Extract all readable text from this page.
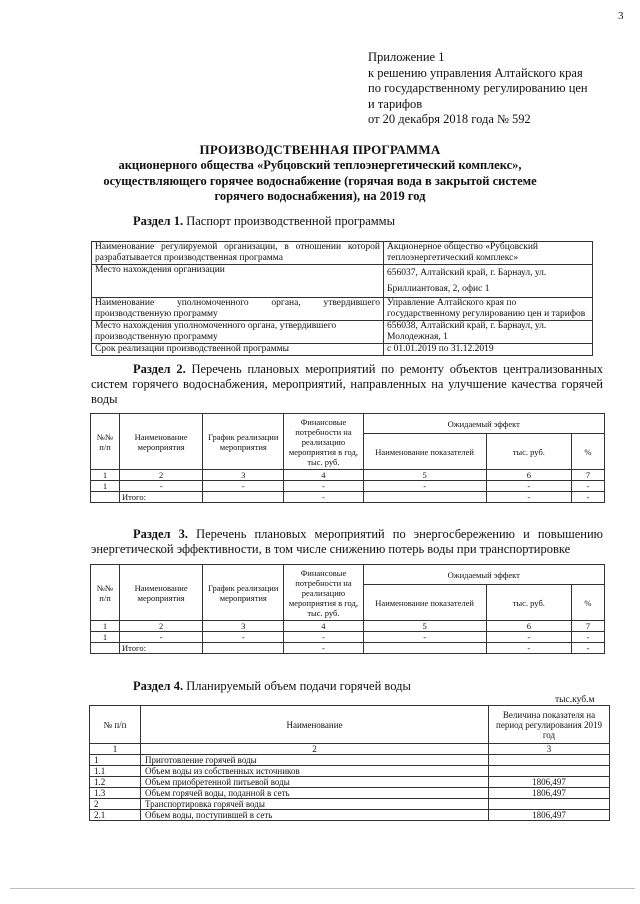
3
Приложение 1
к решению управления Алтайского края
по государственному регулированию цен
и тарифов
от 20 декабря 2018 года № 592
ПРОИЗВОДСТВЕННАЯ ПРОГРАММА
акционерного общества «Рубцовский теплоэнергетический комплекс»,
осуществляющего горячее водоснабжение (горячая вода в закрытой системе
горячего водоснабжения), на 2019 год
Раздел 1. Паспорт производственной программы
Наименование регулируемой организации, в отношении которой разрабатывается производственная программа	Акционерное общество «Рубцовский теплоэнергетический комплекс»
Место нахождения организации	656037, Алтайский край, г. Барнаул, ул. Бриллиантовая, 2, офис 1
Наименование уполномоченного органа, утвердившего производственную программу	Управление Алтайского края по государственному регулированию цен и тарифов
Место нахождения уполномоченного органа, утвердившего производственную программу	656038, Алтайский край, г. Барнаул, ул. Молодежная, 1
Срок реализации производственной программы	с 01.01.2019 по 31.12.2019
Раздел 2. Перечень плановых мероприятий по ремонту объектов централизованных систем горячего водоснабжения, мероприятий, направленных на улучшение качества горячей воды
№№ п/п	Наименование мероприятия	График реализации мероприятия	Финансовые потребности на реализацию мероприятия в год, тыс. руб.	Ожидаемый эффект		
				Наименование показателей	тыс. руб.	%
1	2	3	4	5	6	7
1	-	-	-	-	-	-
	Итого:		-		-	-
Раздел 3. Перечень плановых мероприятий по энергосбережению и повышению энергетической эффективности, в том числе снижению потерь воды при транспортировке
№№ п/п	Наименование мероприятия	График реализации мероприятия	Финансовые потребности на реализацию мероприятия в год, тыс. руб.	Ожидаемый эффект		
				Наименование показателей	тыс. руб.	%
1	2	3	4	5	6	7
1	-	-	-	-	-	-
	Итого:		-		-	-
Раздел 4. Планируемый объем подачи горячей воды
тыс.куб.м
№ п/п	Наименование	Величина показателя на период регулирования 2019 год
1	2	3
1	Приготовление горячей воды	
1.1	Объем воды из собственных источников	
1.2	Объем приобретенной питьевой воды	1806,497
1.3	Объем горячей воды, поданной в сеть	1806,497
2	Транспортировка горячей воды	
2.1	Объем воды, поступившей в сеть	1806,497
